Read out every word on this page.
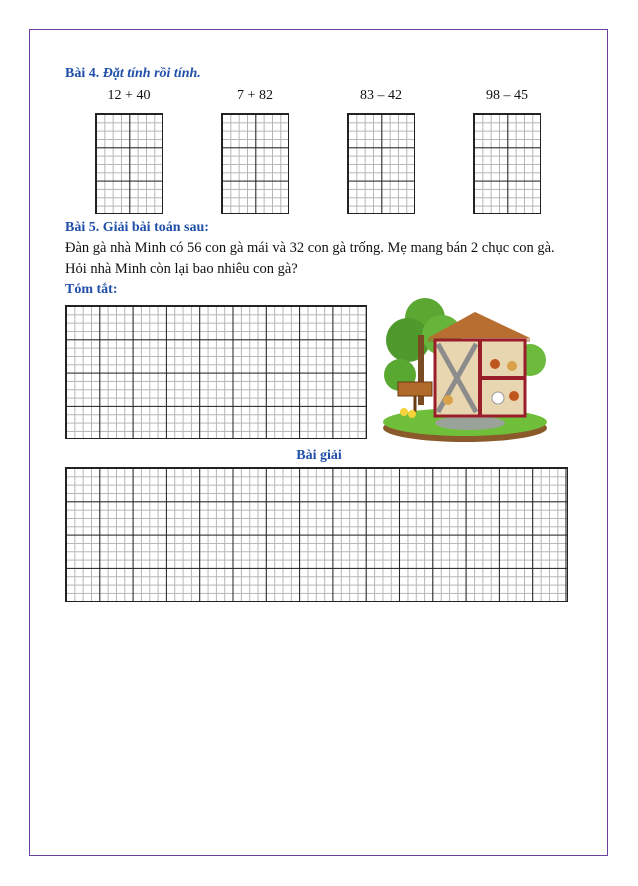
Bài 4. Đặt tính rồi tính.
12 + 40	7 + 82	83 – 42	98 – 45
Bài 5. Giải bài toán sau:
Đàn gà nhà Minh có 56 con gà mái và 32 con gà trống. Mẹ mang bán 2 chục con gà.
Hỏi nhà Minh còn lại bao nhiêu con gà?
Tóm tắt:
Bài giải
